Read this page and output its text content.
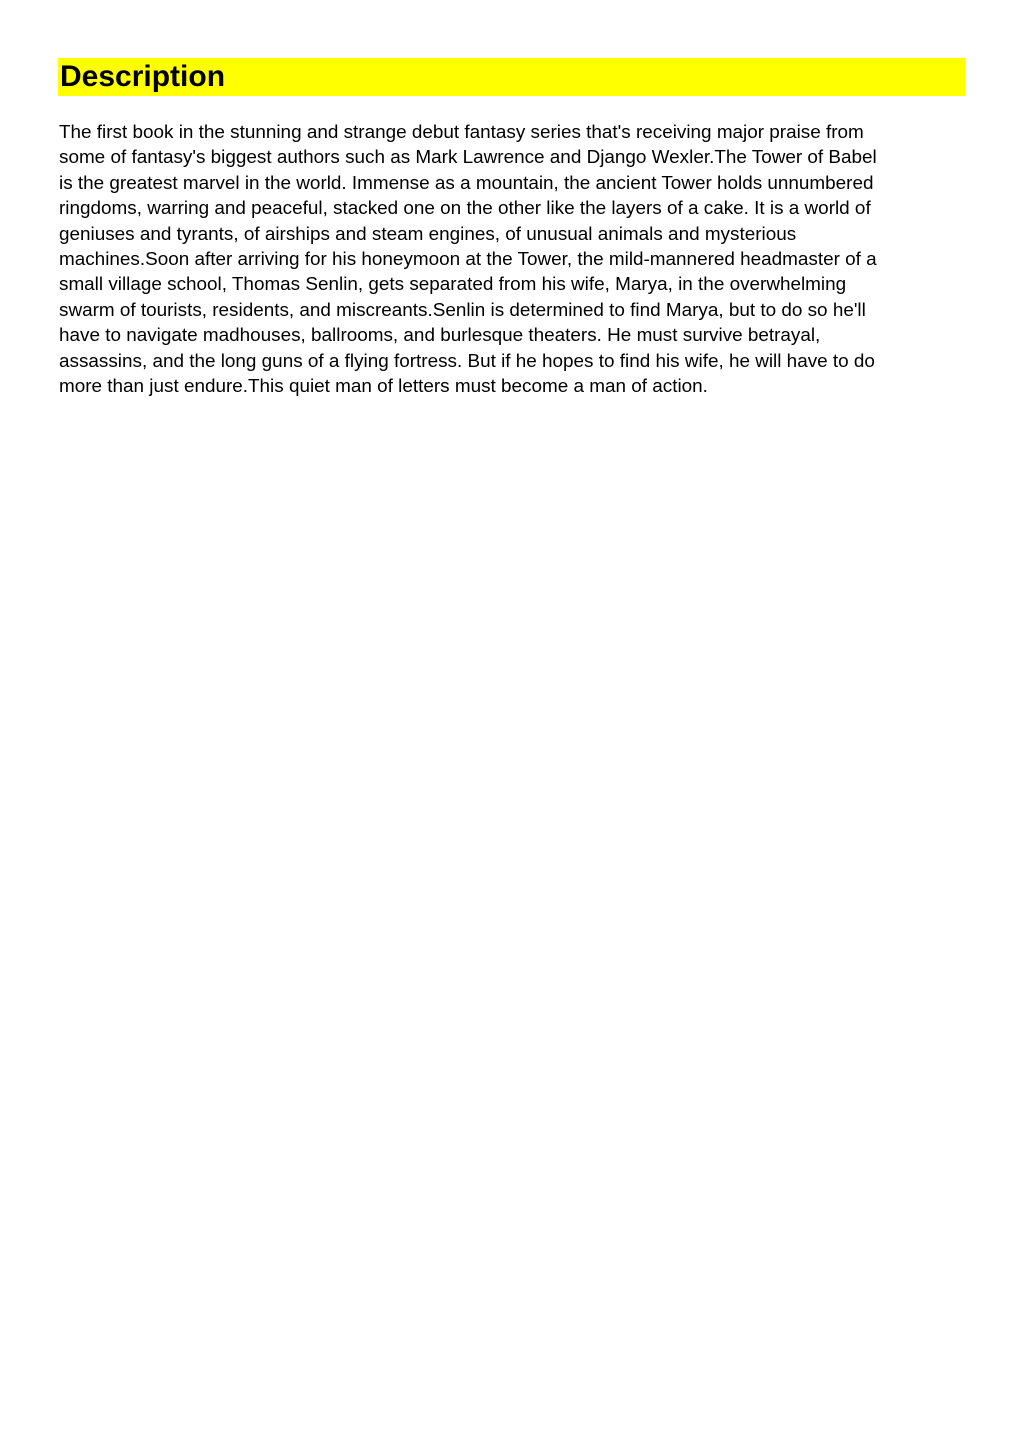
Description

The first book in the stunning and strange debut fantasy series that's receiving major praise from
some of fantasy's biggest authors such as Mark Lawrence and Django Wexler.The Tower of Babel
is the greatest marvel in the world. Immense as a mountain, the ancient Tower holds unnumbered
ringdoms, warring and peaceful, stacked one on the other like the layers of a cake. It is a world of
geniuses and tyrants, of airships and steam engines, of unusual animals and mysterious
machines.Soon after arriving for his honeymoon at the Tower, the mild-mannered headmaster of a
small village school, Thomas Senlin, gets separated from his wife, Marya, in the overwhelming
swarm of tourists, residents, and miscreants.Senlin is determined to find Marya, but to do so he'll
have to navigate madhouses, ballrooms, and burlesque theaters. He must survive betrayal,
assassins, and the long guns of a flying fortress. But if he hopes to find his wife, he will have to do
more than just endure.This quiet man of letters must become a man of action.
